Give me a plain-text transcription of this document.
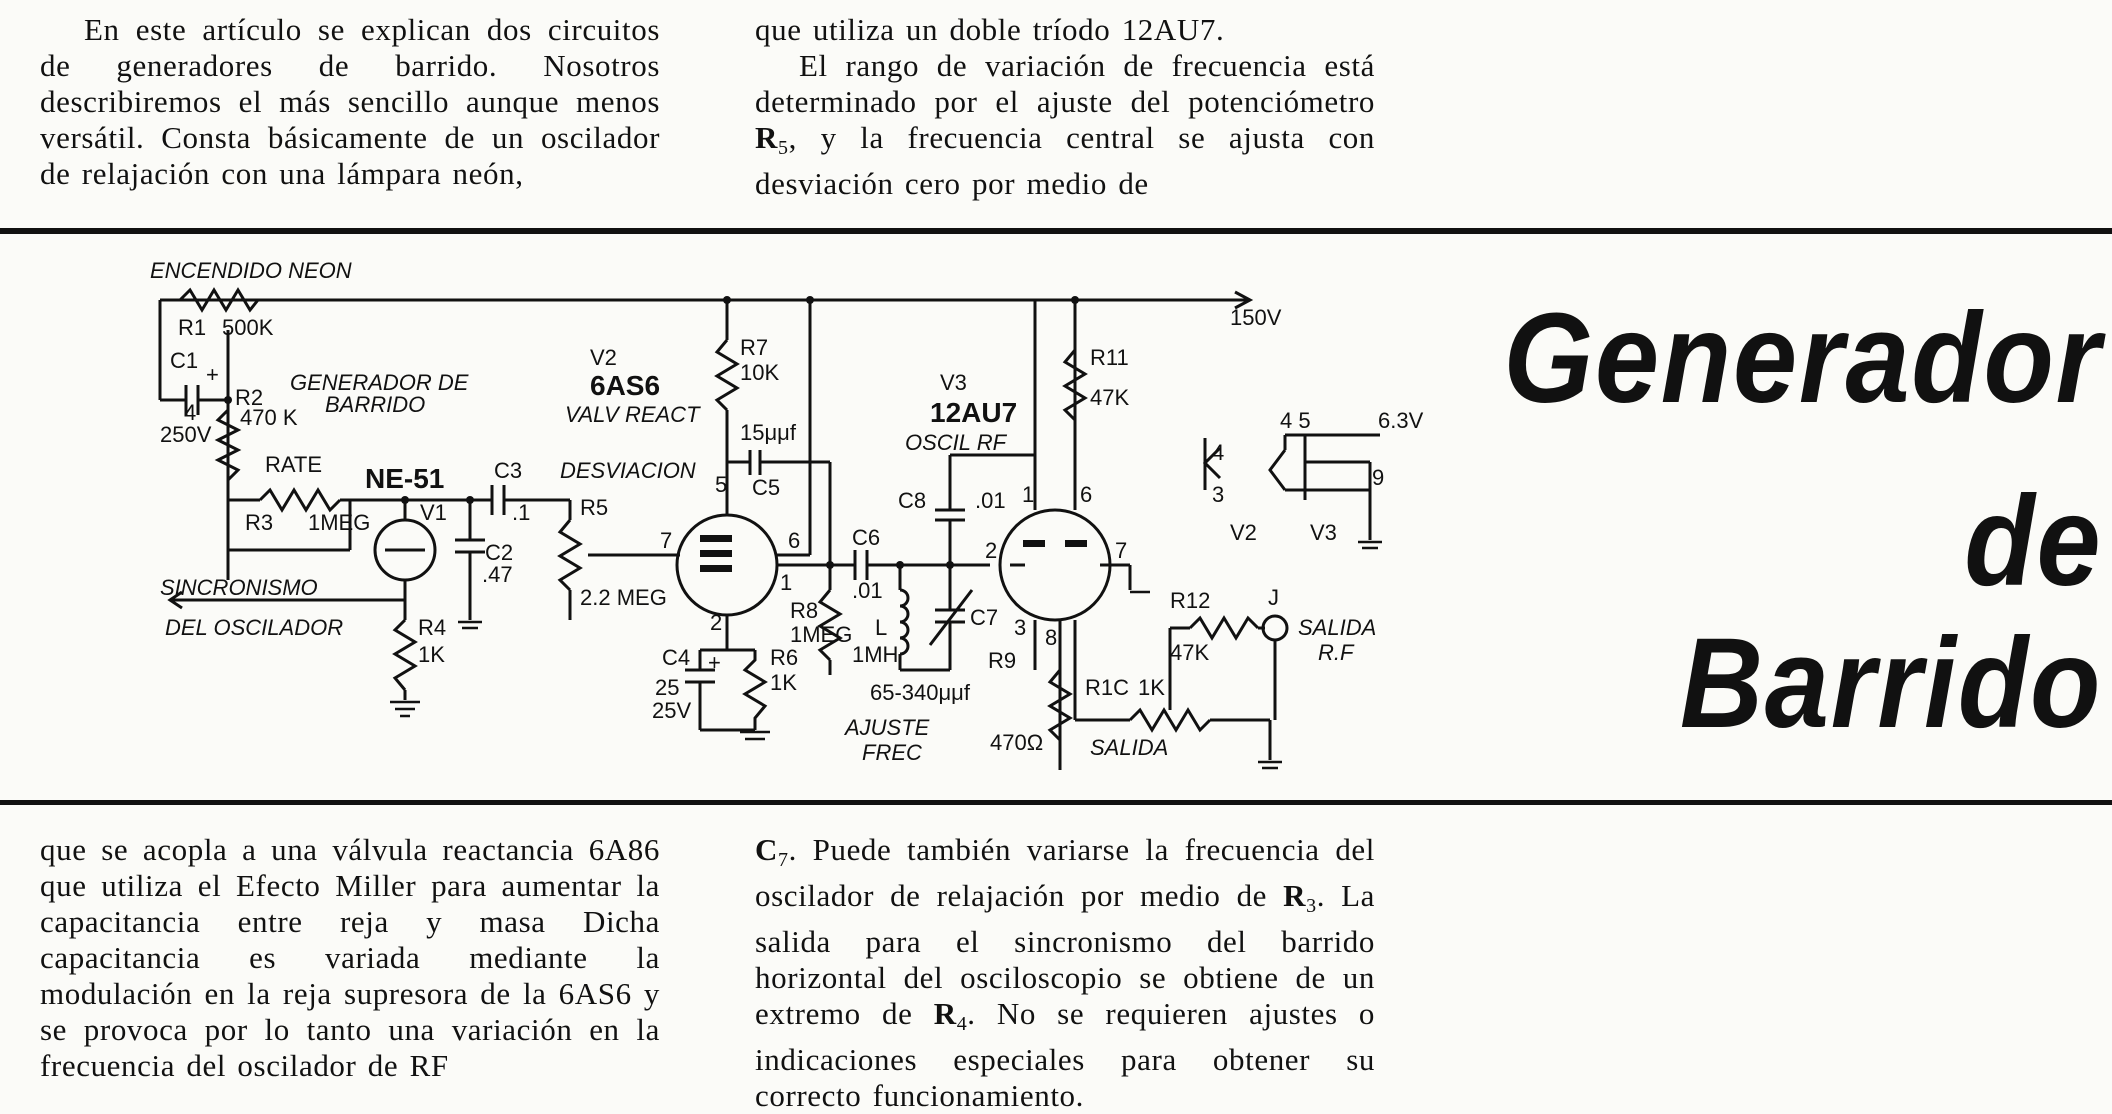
En este artículo se explican dos circuitos de generadores de barrido. Nosotros describiremos el más sencillo aunque menos versátil. Consta básicamente de un oscilador de relajación con una lámpara neón,

que utiliza un doble tríodo 12AU7.

El rango de variación de frecuencia está determinado por el ajuste del potenciómetro $R_5$, y la frecuencia central se ajusta con desviación cero por medio de

ENCENDIDO NEON
R1 500K
C1
+
4
250V
R2
470 K
GENERADOR DE
BARRIDO
RATE
R3 1MEG
NE-51
V1
C3
.1
C2
.47
DESVIACION
R5
2.2 MEG
SINCRONISMO
DEL OSCILADOR	R4
1K
V2
6AS6
VALV REACT
R7
10K
15μμf
C5
5
6
7
1
2
C4
25
25V
+ R6
1K
C6
.01
R8
1MEG L
1MH
C7
65-340μμf
AJUSTE
FREC
V3
12AU7
OSCIL RF
C8 .01
R11
47K
1 6
2	7
3 8
R9
470Ω
R1C 1K
SALIDA
R12
47K
J
SALIDA
R.F
150V
4 5	6.3V
4
3
9
V2 V3
Generador
de
Barrido

que se acopla a una válvula reactancia 6A86 que utiliza el Efecto Miller para aumentar la capacitancia entre reja y masa Dicha capacitancia es variada mediante la modulación en la reja supresora de la 6AS6 y se provoca por lo tanto una variación en la frecuencia del oscilador de RF

$C_7$. Puede también variarse la frecuencia del oscilador de relajación por medio de $R_3$. La salida para el sincronismo del barrido horizontal del osciloscopio se obtiene de un extremo de $R_4$. No se requieren ajustes o indicaciones especiales para obtener su correcto funcionamiento.
